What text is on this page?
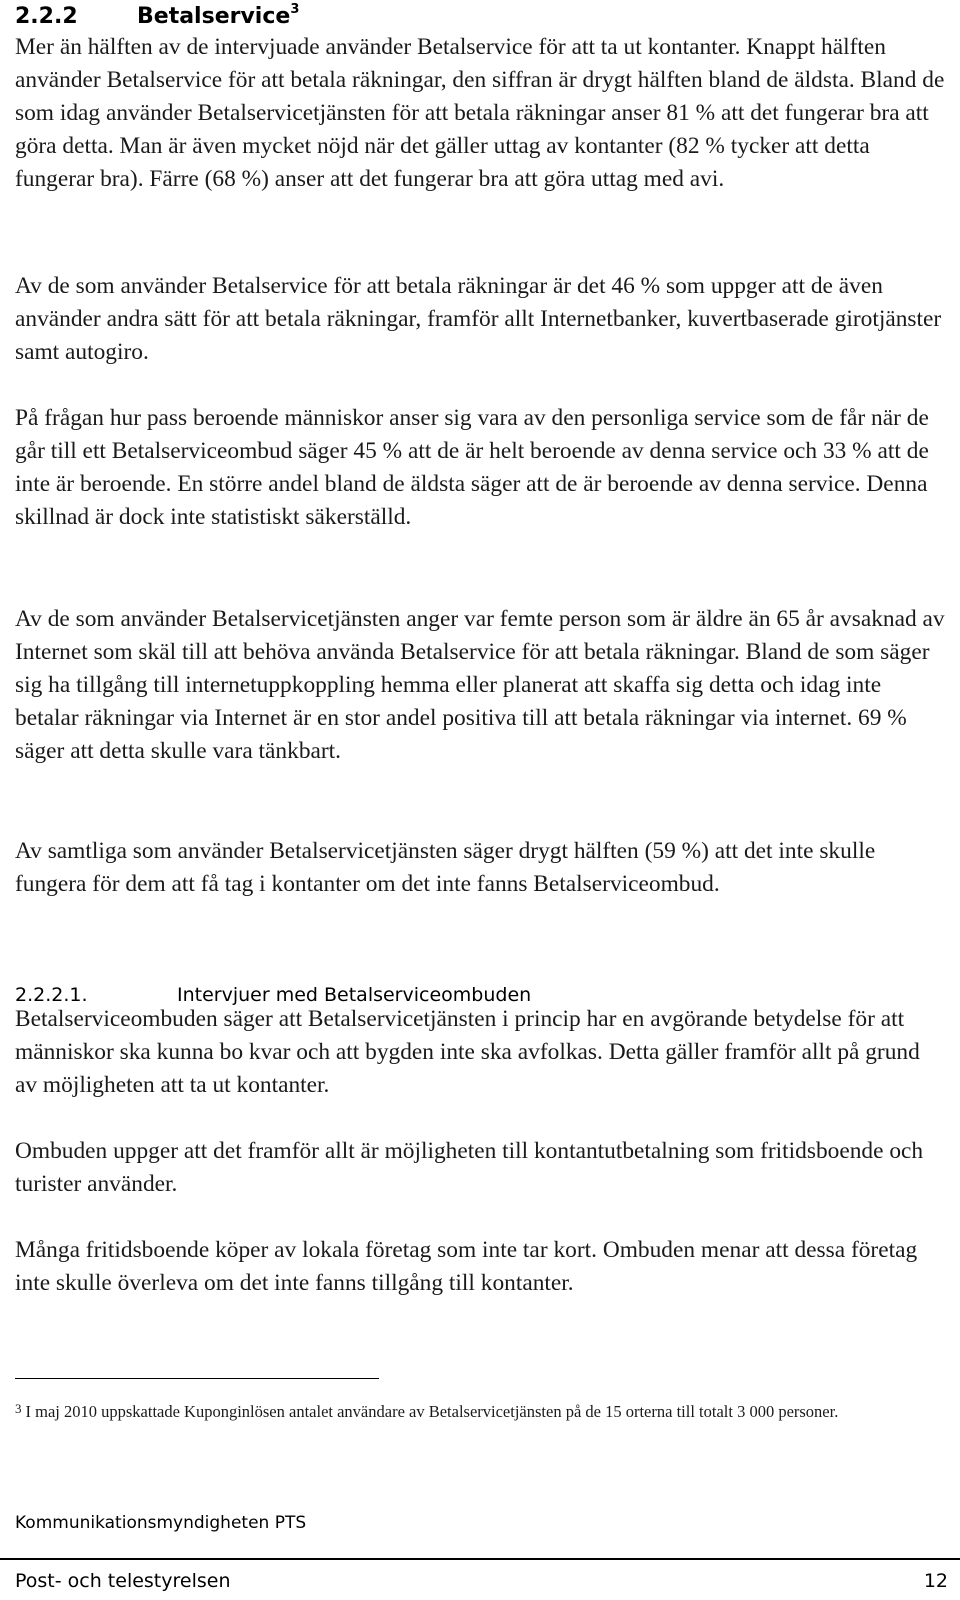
2.2.2	Betalservice$^3$

Mer än hälften av de intervjuade använder Betalservice för att ta ut kontanter. Knappt hälften använder Betalservice för att betala räkningar, den siffran är drygt hälften bland de äldsta. Bland de som idag använder Betalservicetjänsten för att betala räkningar anser 81 % att det fungerar bra att göra detta. Man är även mycket nöjd när det gäller uttag av kontanter (82 % tycker att detta fungerar bra). Färre (68 %) anser att det fungerar bra att göra uttag med avi.

Av de som använder Betalservice för att betala räkningar är det 46 % som uppger att de även använder andra sätt för att betala räkningar, framför allt Internetbanker, kuvertbaserade girotjänster samt autogiro.

På frågan hur pass beroende människor anser sig vara av den personliga service som de får när de går till ett Betalserviceombud säger 45 % att de är helt beroende av denna service och 33 % att de inte är beroende. En större andel bland de äldsta säger att de är beroende av denna service. Denna skillnad är dock inte statistiskt säkerställd.

Av de som använder Betalservicetjänsten anger var femte person som är äldre än 65 år avsaknad av Internet som skäl till att behöva använda Betalservice för att betala räkningar. Bland de som säger sig ha tillgång till internetuppkoppling hemma eller planerat att skaffa sig detta och idag inte betalar räkningar via Internet är en stor andel positiva till att betala räkningar via internet. 69 % säger att detta skulle vara tänkbart.

Av samtliga som använder Betalservicetjänsten säger drygt hälften (59 %) att det inte skulle fungera för dem att få tag i kontanter om det inte fanns Betalserviceombud.

2.2.2.1.	Intervjuer med Betalserviceombuden

Betalserviceombuden säger att Betalservicetjänsten i princip har en avgörande betydelse för att människor ska kunna bo kvar och att bygden inte ska avfolkas. Detta gäller framför allt på grund av möjligheten att ta ut kontanter.

Ombuden uppger att det framför allt är möjligheten till kontantutbetalning som fritidsboende och turister använder.

Många fritidsboende köper av lokala företag som inte tar kort. Ombuden menar att dessa företag inte skulle överleva om det inte fanns tillgång till kontanter.

$^3$ I maj 2010 uppskattade Kuponginlösen antalet användare av Betalservicetjänsten på de 15 orterna till totalt 3 000 personer.
Kommunikationsmyndigheten PTS
Post- och telestyrelsen	12
